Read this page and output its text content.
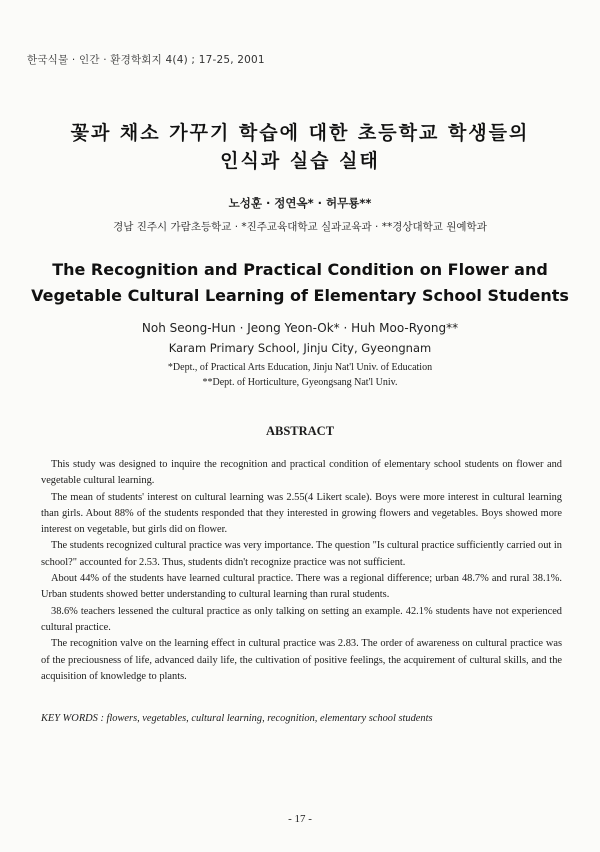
한국식물 · 인간 · 환경학회지 4(4) ; 17-25, 2001
꽃과 채소 가꾸기 학습에 대한 초등학교 학생들의
인식과 실습 실태
노성훈 · 정연옥* · 허무룡**
경남 진주시 가람초등학교 · *진주교육대학교 실과교육과 · **경상대학교 원예학과
The Recognition and Practical Condition on Flower and
Vegetable Cultural Learning of Elementary School Students
Noh Seong-Hun · Jeong Yeon-Ok* · Huh Moo-Ryong**
Karam Primary School, Jinju City, Gyeongnam
*Dept., of Practical Arts Education, Jinju Nat'l Univ. of Education
**Dept. of Horticulture, Gyeongsang Nat'l Univ.
ABSTRACT

This study was designed to inquire the recognition and practical condition of elementary school students on flower and vegetable cultural learning.

The mean of students' interest on cultural learning was 2.55(4 Likert scale). Boys were more interest in cultural learning than girls. About 88% of the students responded that they interested in growing flowers and vegetables. Boys showed more interest on vegetable, but girls did on flower.

The students recognized cultural practice was very importance. The question "Is cultural practice sufficiently carried out in school?" accounted for 2.53. Thus, students didn't recognize practice was not sufficient.

About 44% of the students have learned cultural practice. There was a regional difference; urban 48.7% and rural 38.1%. Urban students showed better understanding to cultural learning than rural students.

38.6% teachers lessened the cultural practice as only talking on setting an example. 42.1% students have not experienced cultural practice.

The recognition valve on the learning effect in cultural practice was 2.83. The order of awareness on cultural practice was of the preciousness of life, advanced daily life, the cultivation of positive feelings, the acquirement of cultural skills, and the acquisition of knowledge to plants.

KEY WORDS : flowers, vegetables, cultural learning, recognition, elementary school students
- 17 -
